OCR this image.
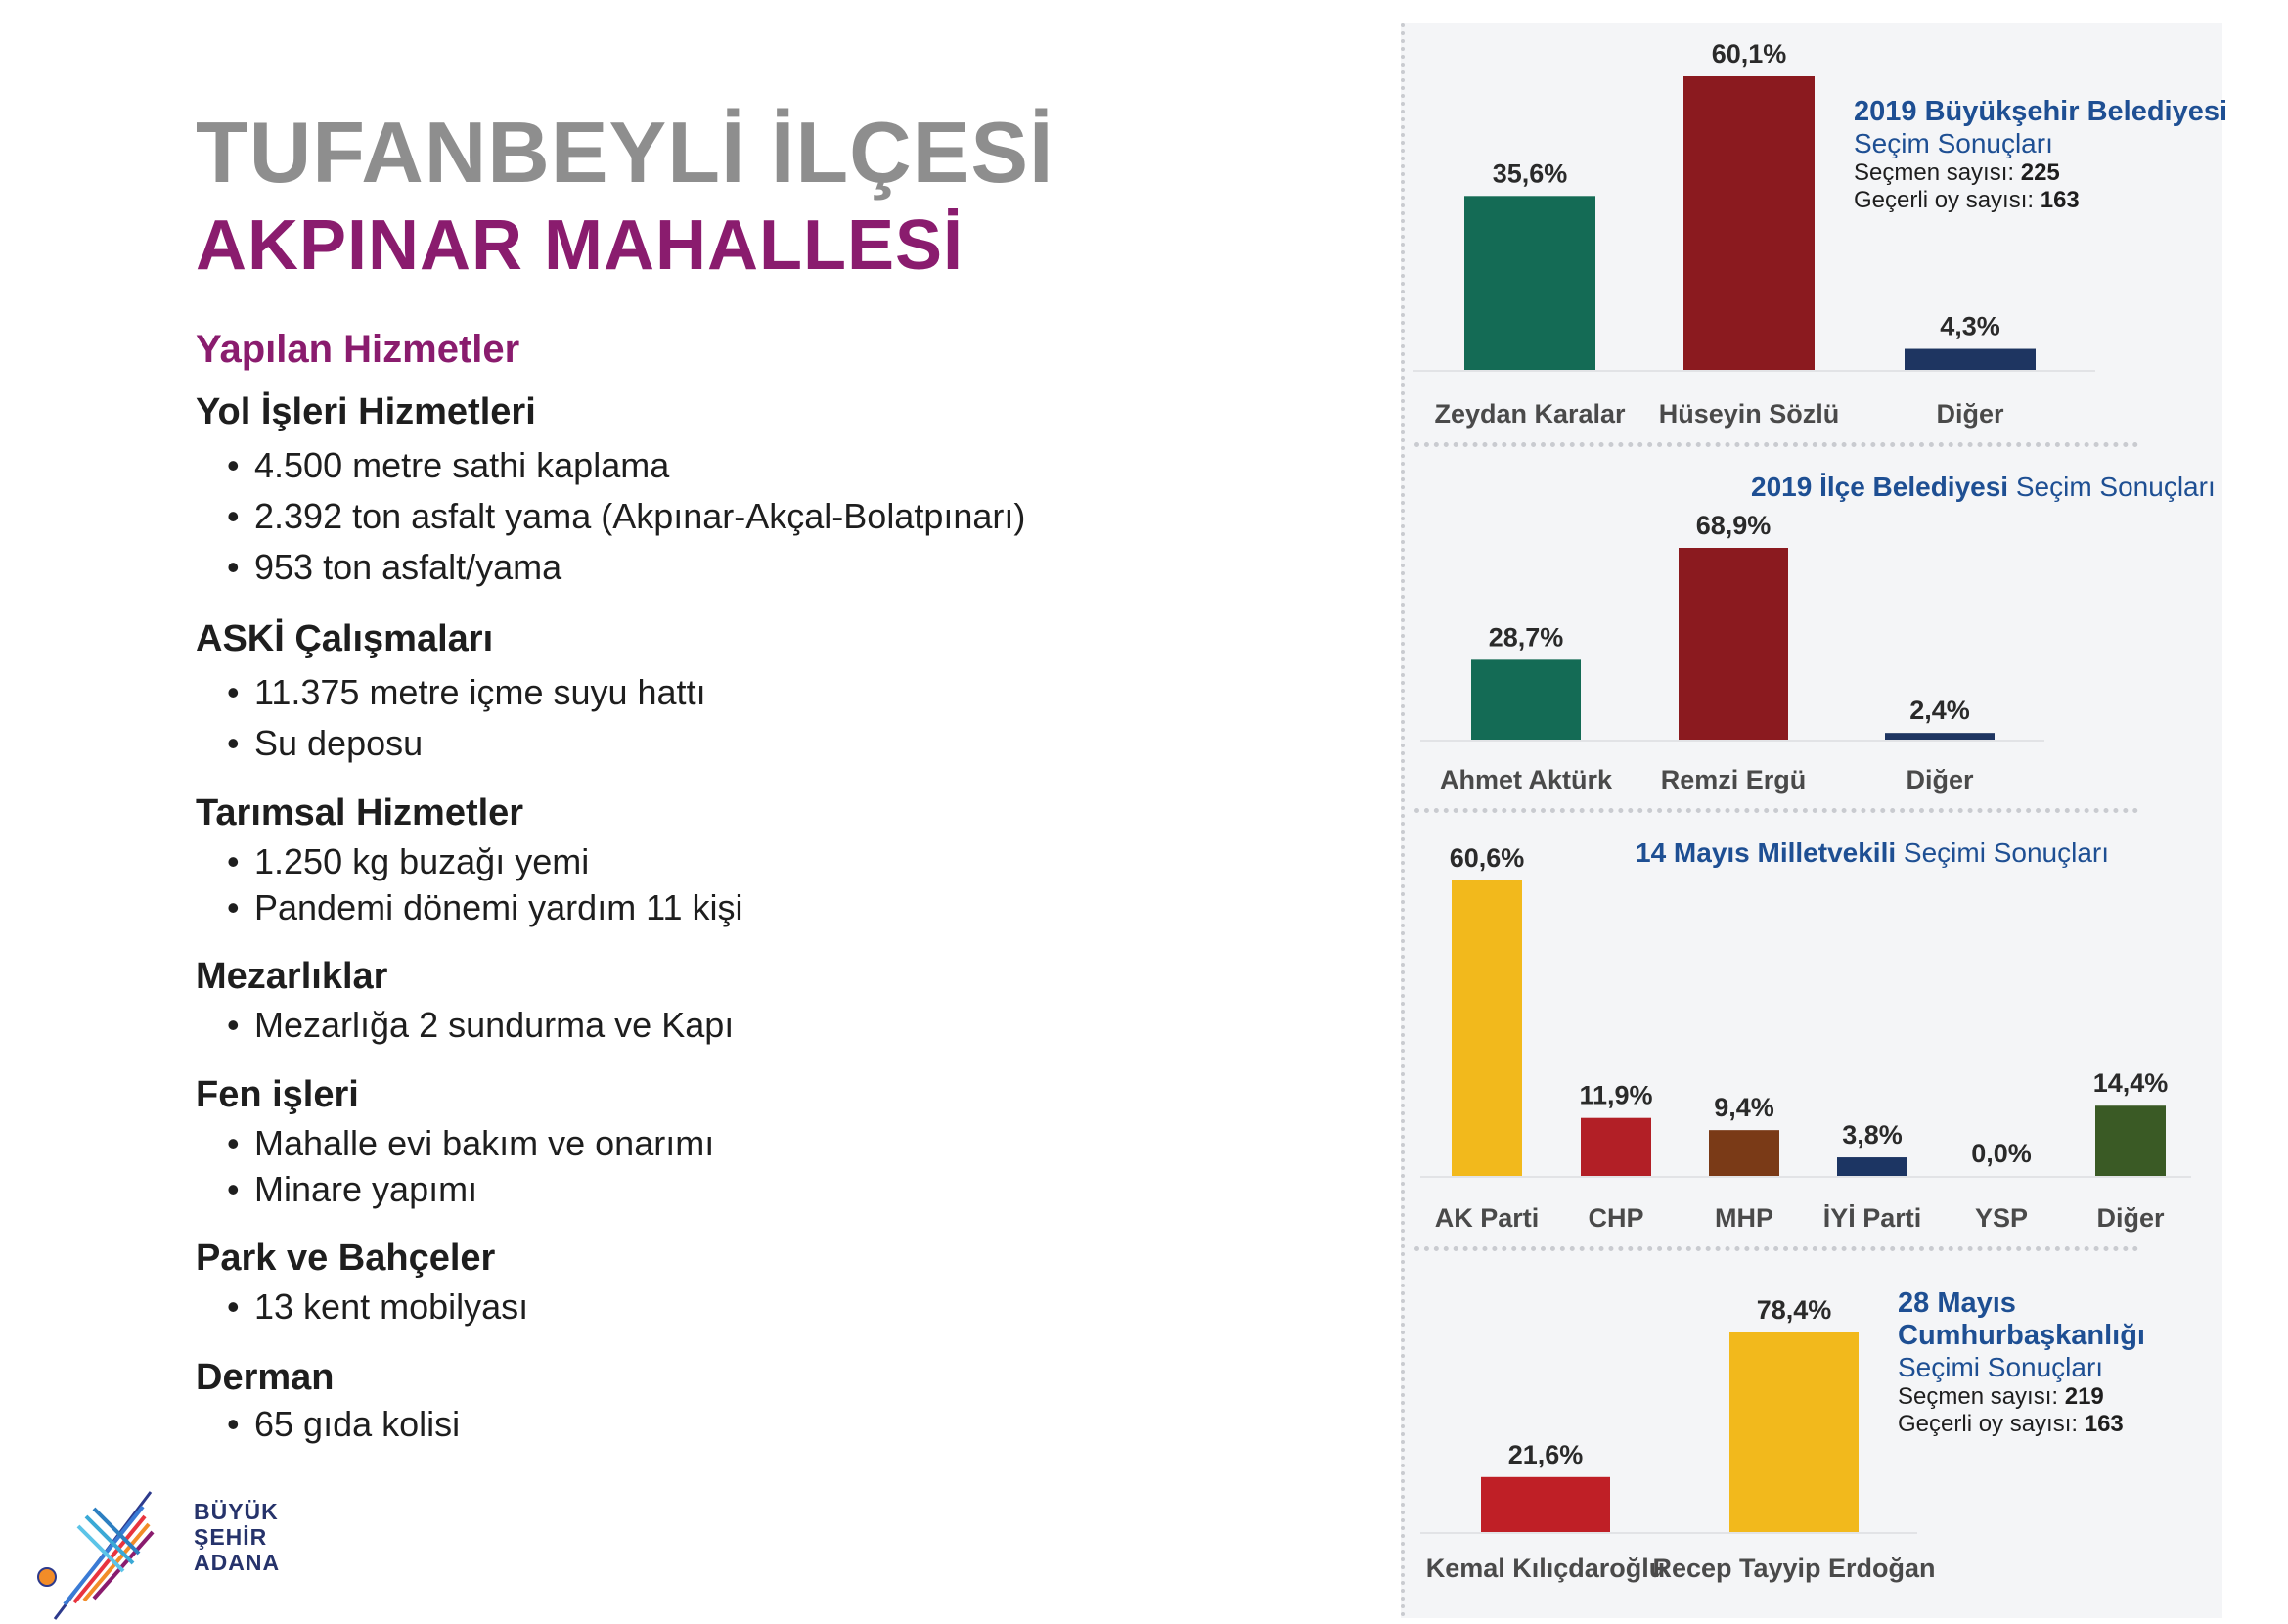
TUFANBEYLİ İLÇESİ
AKPINAR MAHALLESİ
Yapılan Hizmetler
Yol İşleri Hizmetleri
• 4.500 metre sathi kaplama
• 2.392 ton asfalt yama (Akpınar-Akçal-Bolatpınarı)
• 953 ton asfalt/yama
ASKİ Çalışmaları
• 11.375 metre içme suyu hattı
• Su deposu
Tarımsal Hizmetler
• 1.250 kg buzağı yemi
• Pandemi dönemi yardım 11 kişi
Mezarlıklar
• Mezarlığa 2 sundurma ve Kapı
Fen işleri
• Mahalle evi bakım ve onarımı
• Minare yapımı
Park ve Bahçeler
• 13 kent mobilyası
Derman
• 65 gıda kolisi
BÜYÜK
ŞEHİR
ADANA
2019 Büyükşehir Belediyesi
Seçim Sonuçları
Seçmen sayısı: 225
Geçerli oy sayısı: 163
2019 İlçe Belediyesi Seçim Sonuçları
14 Mayıs Milletvekili Seçimi Sonuçları
28 Mayıs
Cumhurbaşkanlığı
Seçimi Sonuçları
Seçmen sayısı: 219
Geçerli oy sayısı: 163
35,6%
Zeydan Karalar
60,1%
Hüseyin Sözlü
4,3%
Diğer
28,7%
Ahmet Aktürk
68,9%
Remzi Ergü
2,4%
Diğer
60,6%
AK Parti
11,9%
CHP
9,4%
MHP
3,8%
İYİ Parti
0,0%
YSP
14,4%
Diğer
21,6%
Kemal Kılıçdaroğlu
78,4%
Recep Tayyip Erdoğan
